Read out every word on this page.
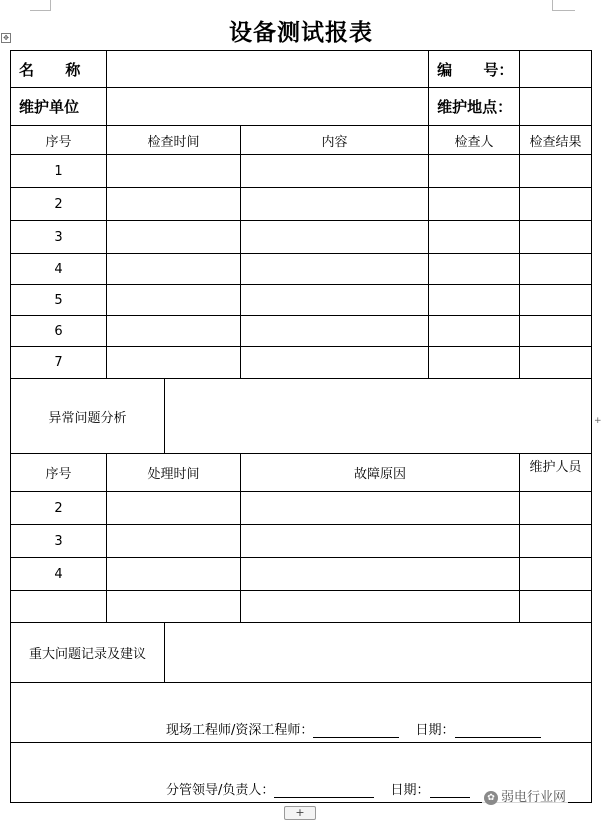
✥
+
+
设备测试报表
名      称				编      号：	
维护单位				维护地点：	
序号	检查时间		内容	检查人	检查结果
1					
2					
3					
4					
5					
6					
7					
异常问题分析					
序号	处理时间		故障原因		维护人员
2					
3					
4					

重大问题记录及建议					

现场工程师/资深工程师： 日期：					

分管领导/负责人： 日期：						✿ 弱电行业网
